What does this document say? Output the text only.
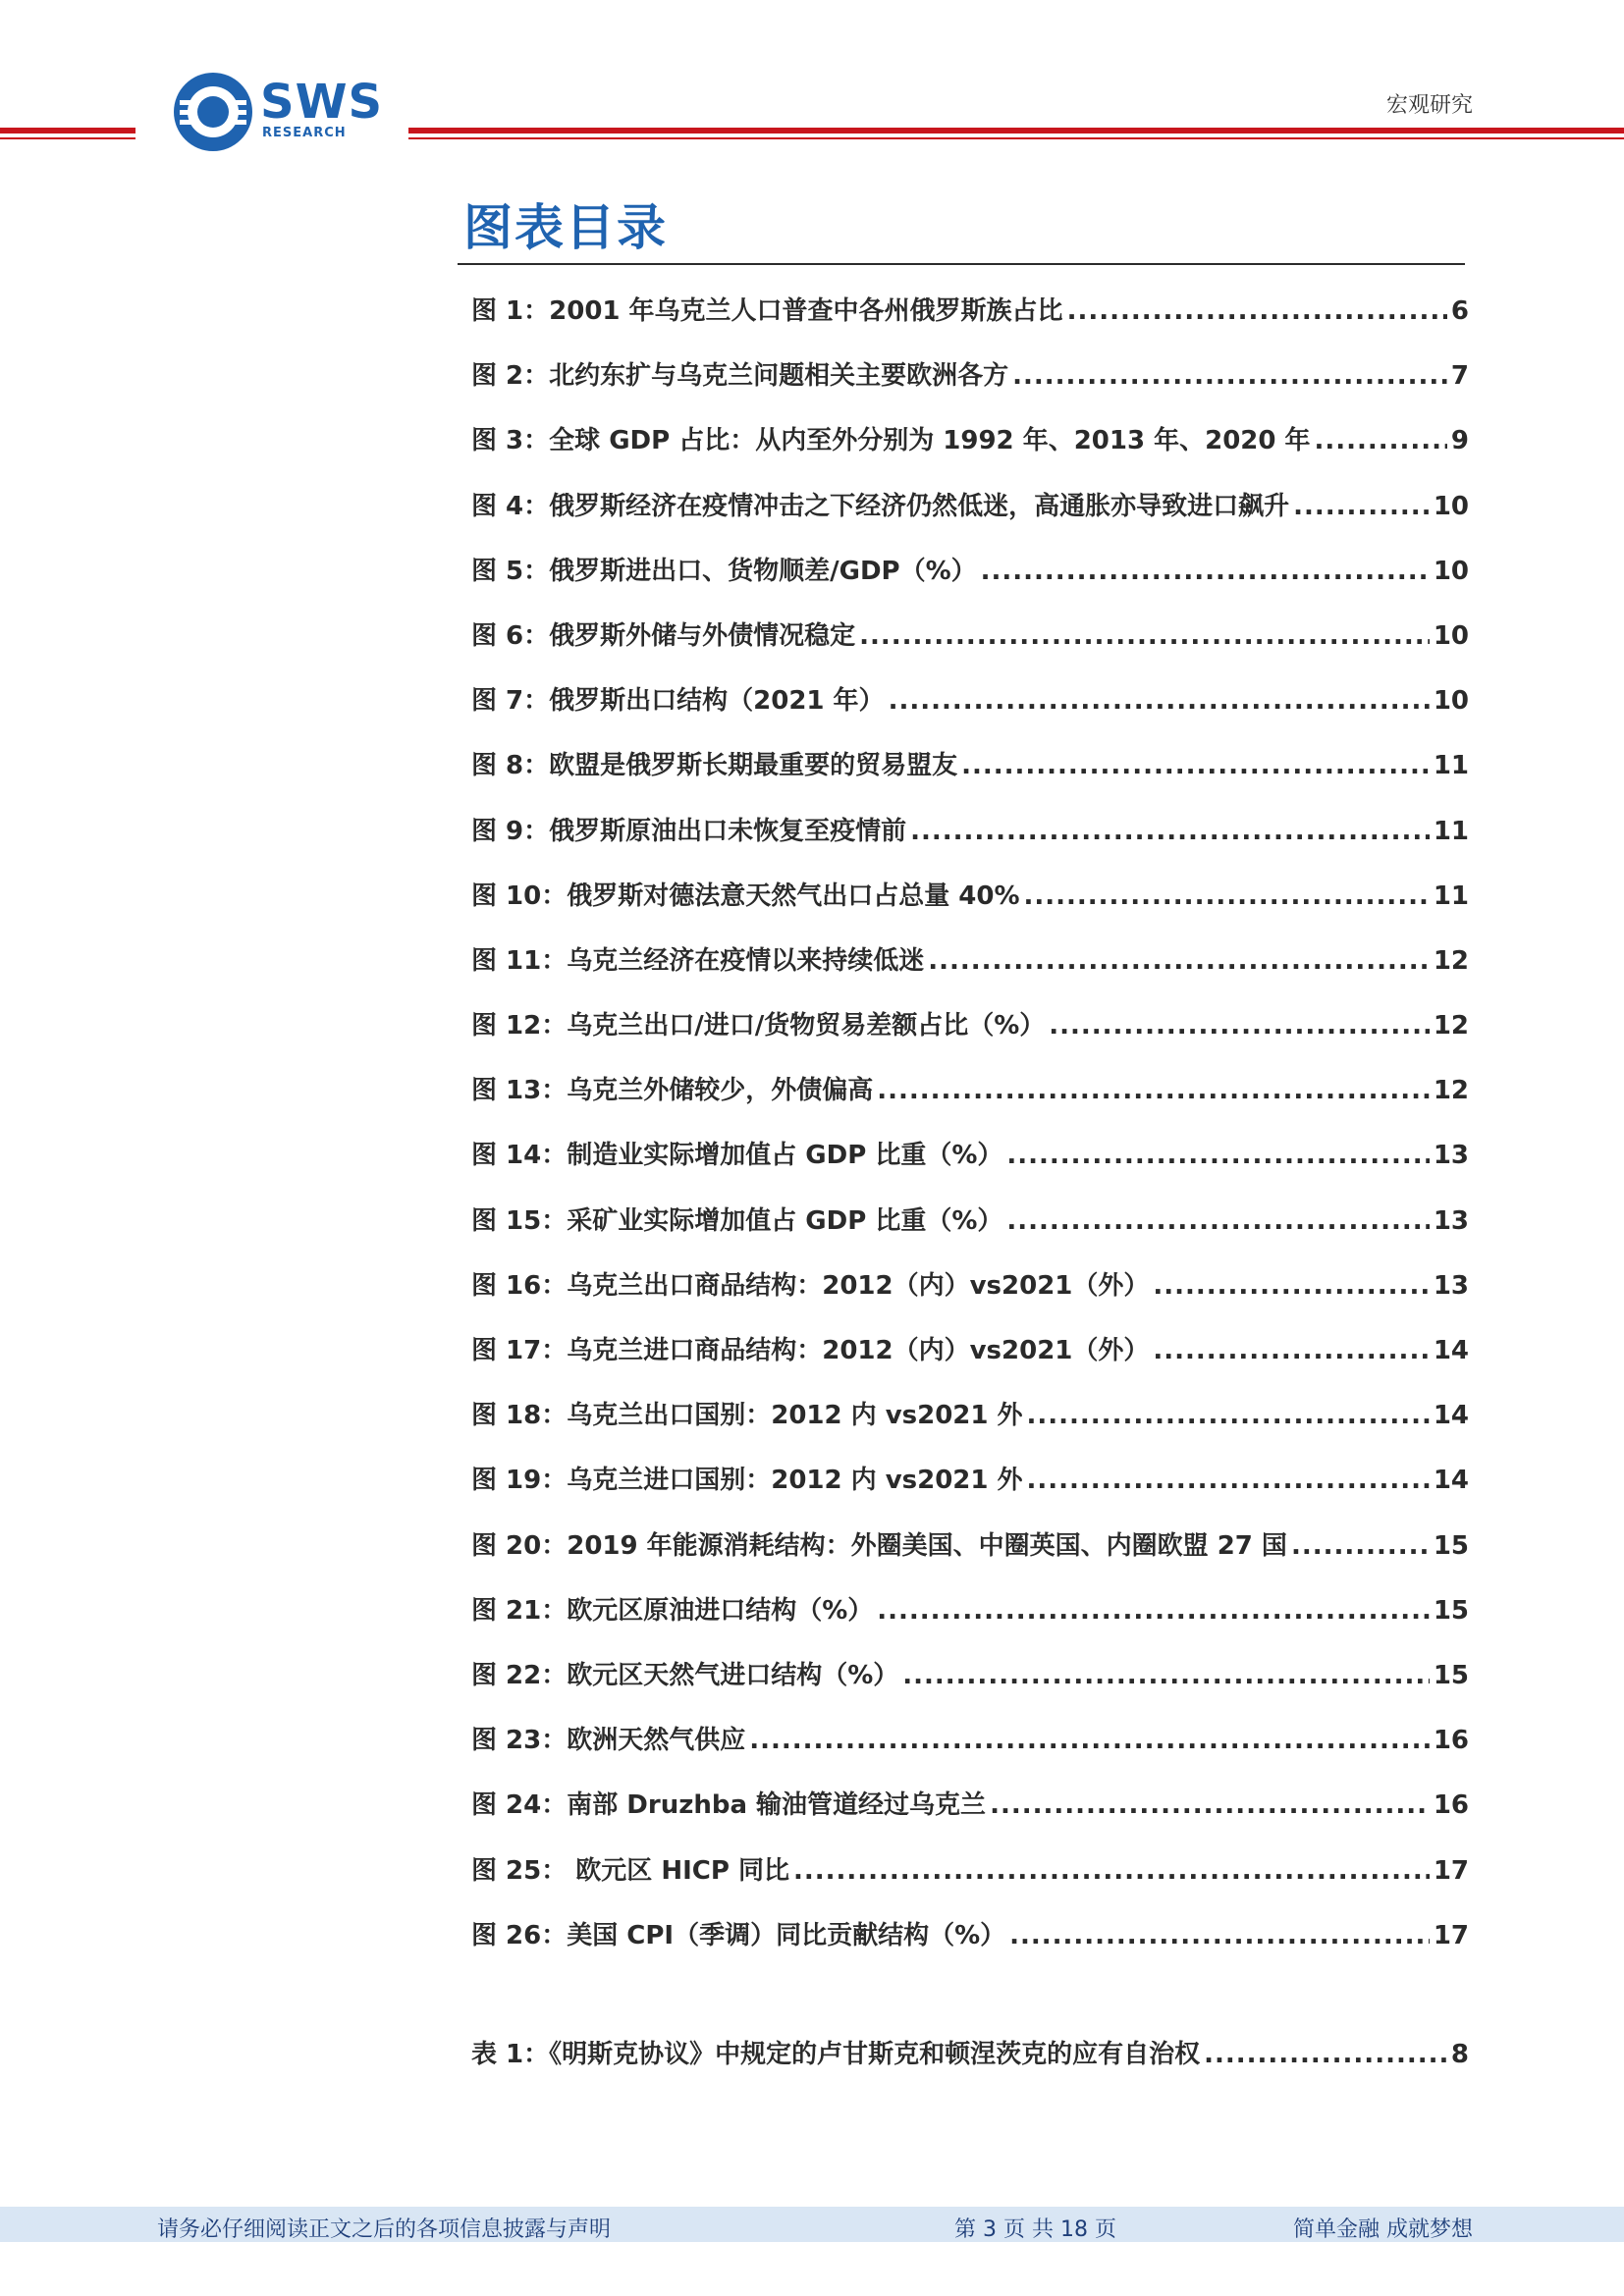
SWS
RESEARCH
宏观研究
图表目录
图 1：2001 年乌克兰人口普查中各州俄罗斯族占比 .....	6
图 2：北约东扩与乌克兰问题相关主要欧洲各方 .....	7
图 3：全球 GDP 占比：从内至外分别为 1992 年、2013 年、2020 年 .....	9
图 4：俄罗斯经济在疫情冲击之下经济仍然低迷，高通胀亦导致进口飙升 .....	10
图 5：俄罗斯进出口、货物顺差/GDP（%） .....	10
图 6：俄罗斯外储与外债情况稳定 .....	10
图 7：俄罗斯出口结构（2021 年） .....	10
图 8：欧盟是俄罗斯长期最重要的贸易盟友 .....	11
图 9：俄罗斯原油出口未恢复至疫情前 .....	11
图 10：俄罗斯对德法意天然气出口占总量 40% .....	11
图 11：乌克兰经济在疫情以来持续低迷 .....	12
图 12：乌克兰出口/进口/货物贸易差额占比（%） .....	12
图 13：乌克兰外储较少，外债偏高 .....	12
图 14：制造业实际增加值占 GDP 比重（%） .....	13
图 15：采矿业实际增加值占 GDP 比重（%） .....	13
图 16：乌克兰出口商品结构：2012（内）vs2021（外） .....	13
图 17：乌克兰进口商品结构：2012（内）vs2021（外） .....	14
图 18：乌克兰出口国别：2012 内 vs2021 外 .....	14
图 19：乌克兰进口国别：2012 内 vs2021 外 .....	14
图 20：2019 年能源消耗结构：外圈美国、中圈英国、内圈欧盟 27 国 .....	15
图 21：欧元区原油进口结构（%） .....	15
图 22：欧元区天然气进口结构（%） .....	15
图 23：欧洲天然气供应 .....	16
图 24：南部 Druzhba 输油管道经过乌克兰 .....	16
图 25： 欧元区 HICP 同比 .....	17
图 26：美国 CPI（季调）同比贡献结构（%） .....	17
表 1：《明斯克协议》中规定的卢甘斯克和顿涅茨克的应有自治权 .....	8
请务必仔细阅读正文之后的各项信息披露与声明	第 3 页 共 18 页	简单金融 成就梦想
